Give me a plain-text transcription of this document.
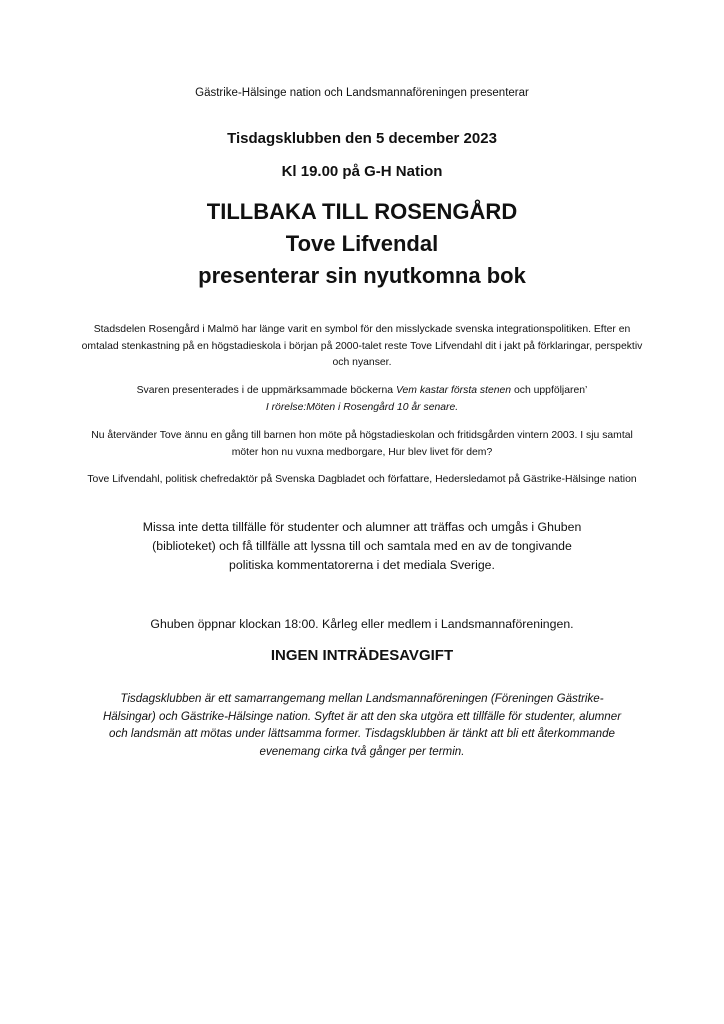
Gästrike-Hälsinge nation och Landsmannaföreningen presenterar
Tisdagsklubben den 5 december 2023
Kl 19.00 på G-H Nation
TILLBAKA TILL ROSENGÅRD
Tove Lifvendal
presenterar sin nyutkomna bok
Stadsdelen Rosengård i Malmö har länge varit en symbol för den misslyckade svenska integrationspolitiken. Efter en omtalad stenkastning på en högstadieskola i början på 2000-talet reste Tove Lifvendahl dit i jakt på förklaringar, perspektiv och nyanser.
Svaren presenterades i de uppmärksammade böckerna Vem kastar första stenen och uppföljaren’
I rörelse:Möten i Rosengård 10 år senare.
Nu återvänder Tove ännu en gång till barnen hon möte på högstadieskolan och fritidsgården vintern 2003. I sju samtal möter hon nu vuxna medborgare, Hur blev livet för dem?
Tove Lifvendahl, politisk chefredaktör på Svenska Dagbladet och författare, Hedersledamot på Gästrike-Hälsinge nation
Missa inte detta tillfälle för studenter och alumner att träffas och umgås i Ghuben (biblioteket) och få tillfälle att lyssna till och samtala med en av de tongivande politiska kommentatorerna i det mediala Sverige.
Ghuben öppnar klockan 18:00. Kårleg eller medlem i Landsmannaföreningen.
INGEN INTRÄDESAVGIFT
Tisdagsklubben är ett samarrangemang mellan Landsmannaföreningen (Föreningen Gästrike-Hälsingar) och Gästrike-Hälsinge nation. Syftet är att den ska utgöra ett tillfälle för studenter, alumner och landsmän att mötas under lättsamma former. Tisdagsklubben är tänkt att bli ett återkommande evenemang cirka två gånger per termin.
